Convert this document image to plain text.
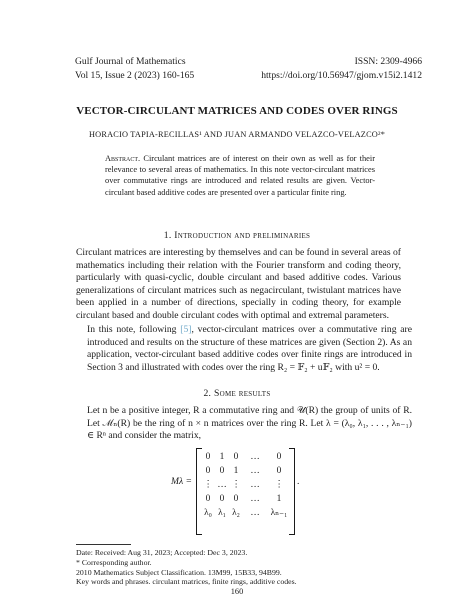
Gulf Journal of Mathematics	ISSN: 2309-4966
Vol 15, Issue 2 (2023) 160-165	https://doi.org/10.56947/gjom.v15i2.1412
VECTOR-CIRCULANT MATRICES AND CODES OVER RINGS
HORACIO TAPIA-RECILLAS¹ AND JUAN ARMANDO VELAZCO-VELAZCO²*
Abstract. Circulant matrices are of interest on their own as well as for their relevance to several areas of mathematics. In this note vector-circulant matrices over commutative rings are introduced and related results are given. Vector-circulant based additive codes are presented over a particular finite ring.
1. Introduction and preliminaries
Circulant matrices are interesting by themselves and can be found in several areas of mathematics including their relation with the Fourier transform and coding theory, particularly with quasi-cyclic, double circulant and based additive codes. Various generalizations of circulant matrices such as negacirculant, twistulant matrices have been applied in a number of directions, specially in coding theory, for example circulant based and double circulant codes with optimal and extremal parameters.
In this note, following [5], vector-circulant matrices over a commutative ring are introduced and results on the structure of these matrices are given (Section 2). As an application, vector-circulant based additive codes over finite rings are introduced in Section 3 and illustrated with codes over the ring R₂ = 𝔽₂ + u𝔽₂ with u² = 0.
2. Some results
Let n be a positive integer, R a commutative ring and 𝒰(R) the group of units of R. Let ℳₙ(R) be the ring of n × n matrices over the ring R. Let λ = (λ₀, λ₁, . . . , λₙ₋₁) ∈ Rⁿ and consider the matrix,
Mλ =
0 1 0	…	0
0 0 1	…	0
⋮ … ⋮	…	⋮
0 0 0	…	1
λ₀ λ₁ λ₂	…	λₙ₋₁
.
Date: Received: Aug 31, 2023; Accepted: Dec 3, 2023.
* Corresponding author.
2010 Mathematics Subject Classification. 13M99, 15B33, 94B99.
Key words and phrases. circulant matrices, finite rings, additive codes.
160
